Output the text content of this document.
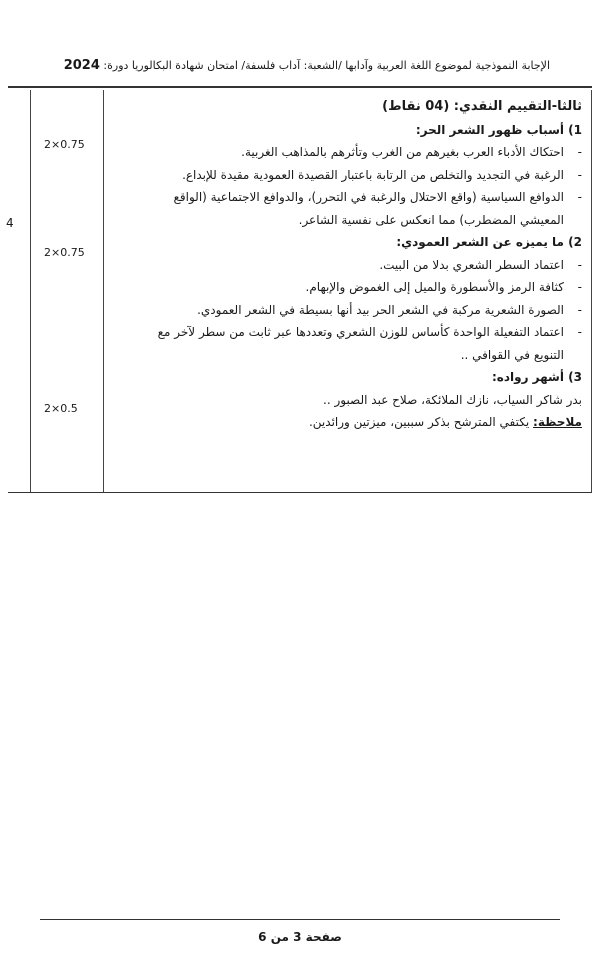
الإجابة النموذجية لموضوع اللغة العربية وآدابها /الشعبة: آداب فلسفة/ امتحان شهادة البكالوريا دورة: 2024
4
2×0.75
2×0.75
2×0.5

ثالثا-التقييم النقدي: (04 نقاط)

1) أسباب ظهور الشعر الحر:

-
احتكاك الأدباء العرب بغيرهم من الغرب وتأثرهم بالمذاهب الغربية.

-
الرغبة في التجديد والتخلص من الرتابة باعتبار القصيدة العمودية مقيدة للإبداع.

-
الدوافع السياسية (واقع الاحتلال والرغبة في التحرر)، والدوافع الاجتماعية (الواقع

المعيشي المضطرب) مما انعكس على نفسية الشاعر.

2) ما يميزه عن الشعر العمودي:

-
اعتماد السطر الشعري بدلا من البيت.

-
كثافة الرمز والأسطورة والميل إلى الغموض والإبهام.

-
الصورة الشعرية مركبة في الشعر الحر بيد أنها بسيطة في الشعر العمودي.

-
اعتماد التفعيلة الواحدة كأساس للوزن الشعري وتعددها عبر ثابت من سطر لآخر مع

التنويع في القوافي ..

3) أشهر رواده:

بدر شاكر السياب، نازك الملائكة، صلاح عبد الصبور ..

ملاحظة: يكتفي المترشح بذكر سببين، ميزتين ورائدين.

صفحة 3 من 6
